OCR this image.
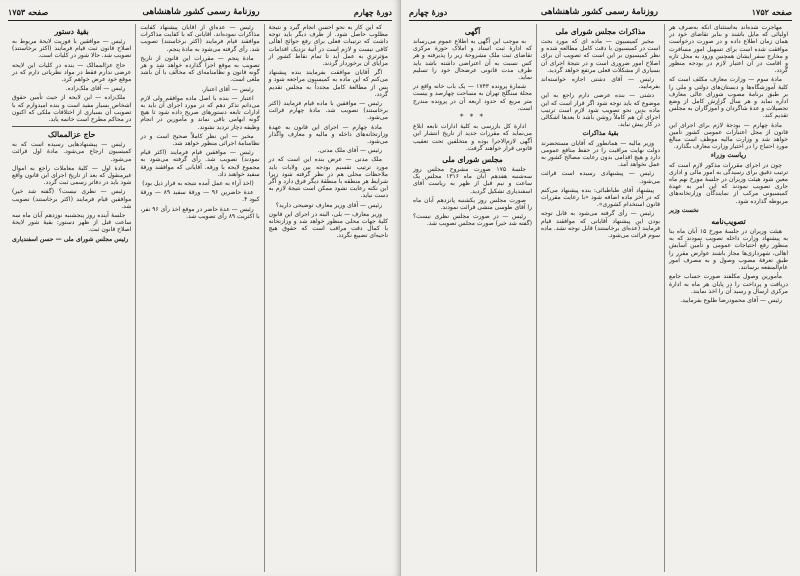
صفحه ۱۷۵۲
روزنامهٔ رسمی کشور شاهنشاهی
دورهٔ چهارم
مهاجرت شده‌اند به‌استثنای آنکه به‌صرف هر اولیائی که مایل باشند و بنابر تقاضای خود در همان زمان اطلاع داده و در صورت درخواست موافقت شده است برای تسهیل امور مسافرت و مخارج سفر ایشان همچنین ورود به محل تازه و اقامت در آن اعتبار لازم در بودجه منظور گردد.
مادهٔ سوم — وزارت معارف مکلف است که کلیهٔ آموزشگاه‌ها و دبستان‌های دولتی و ملی را بر طبق برنامهٔ مصوب شورای عالی معارف اداره نماید و هر سال گزارش کامل از وضع تحصیلات و عدهٔ شاگردان و آموزگاران به مجلس تقدیم کند.
مادهٔ چهارم — بودجهٔ لازم برای اجرای این قانون از محل اعتبارات عمومی کشور تأمین خواهد شد و وزارت مالیه موظف است مبالغ مورد احتیاج را در اختیار وزارت معارف بگذارد.
ریاست وزراء
چون در اجرای مقررات مذکور لازم است که ترتیب دقیق برای رسیدگی به امور مالی و اداری معین شود هیئت وزیران در جلسهٔ مورخ نهم ماه جاری تصویب نمودند که این امر به عهدهٔ کمیسیونی مرکب از نمایندگان وزارتخانه‌های مربوطه گذارده شود.
نخست وزیر
تصویب‌نامه
هیئت وزیران در جلسهٔ مورخ ۱۵ آبان ماه بنا به پیشنهاد وزارت داخله تصویب نمودند که به منظور رفع احتیاجات عمومی و تأمین آسایش اهالی، شهرداری‌ها مجاز باشند عوارض مقرر را طبق تعرفهٔ مصوب وصول و به مصرف امور عام‌المنفعه برسانند.
مأمورین وصول مکلفند صورت حساب جامع دریافت و پرداخت را در پایان هر ماه به ادارهٔ مرکزی ارسال و رسید آن را اخذ نمایند.
رئیس — آقای محمودرضا طلوع بفرمایید.
مذاکرات مجلس شورای ملی
مخبر کمیسیون — ماده ای که مورد بحث است در کمیسیون با دقت کامل مطالعه شده و نظر کمیسیون بر این است که تصویب آن برای اصلاح امور ضروری است و در نتیجهٔ اجرای آن بسیاری از مشکلات فعلی مرتفع خواهد گردید.
رئیس — آقای دشتی اجازه خواسته‌اند بفرمایید.
دشتی — بنده عرضی دارم راجع به این موضوع که باید توجه شود اگر قرار است که این ماده بدین نحو تصویب شود لازم است ترتیب اجرای آن هم کاملاً روشن باشد تا بعدها اشکالی در کار پیش نیاید.
بقیهٔ مذاکرات
وزیر مالیه — همانطور که آقایان مستحضرند دولت نهایت مراقبت را در حفظ منافع عمومی دارد و هیچ اقدامی بدون رعایت مصالح کشور به عمل نخواهد آمد.
رئیس — پیشنهادی رسیده است قرائت می‌شود.
پیشنهاد آقای طباطبائی: بنده پیشنهاد می‌کنم که در آخر ماده اضافه شود «با رعایت مقررات قانون استخدام کشوری».
رئیس — رأی گرفته می‌شود به قابل توجه بودن این پیشنهاد آقایانی که موافقند قیام فرمایند (عده‌ای برخاستند) قابل توجه نشد. ماده سوم قرائت می‌شود.
آگهی
به موجب این آگهی به اطلاع عموم می‌رساند که ادارهٔ ثبت اسناد و املاک حوزهٔ مرکزی تقاضای ثبت ملک مشروحهٔ زیر را پذیرفته و هر کس نسبت به آن اعتراضی داشته باشد باید ظرف مدت قانونی عرضحال خود را تسلیم نماید.
شمارهٔ پرونده ۱۷۴۳ — یک باب خانه واقع در محلهٔ سنگلج تهران به مساحت چهارصد و بیست متر مربع که حدود اربعه آن در پرونده مندرج است.
* * *
ادارهٔ کل بازرسی به کلیهٔ ادارات تابعه ابلاغ می‌نماید که مقررات جدید از تاریخ انتشار این آگهی لازم‌الاجرا بوده و متخلفین تحت تعقیب قانونی قرار خواهند گرفت.
مجلس شورای ملی
جلسهٔ ۱۷۵ صورت مشروح مجلس روز سه‌شنبه هفدهم آبان ماه ۱۳۱۶ مجلس یک ساعت و نیم قبل از ظهر به ریاست آقای اسفندیاری تشکیل گردید.
صورت مجلس روز یکشنبه پانزدهم آبان ماه را آقای طوسی منشی قرائت نمودند.
رئیس — در صورت مجلس نظری نیست؟ (گفته شد خیر) صورت مجلس تصویب شد.
دورهٔ چهارم
روزنامهٔ رسمی کشور شاهنشاهی
صفحه ۱۷۵۳
که این کار به نحو احسن انجام گیرد و نتیجهٔ مطلوب حاصل شود. از طرف دیگر باید توجه داشت که ترتیبات فعلی برای رفع حوائج اهالی کافی نیست و لازم است در آتیهٔ نزدیک اقدامات مؤثرتری به عمل آید تا تمام نقاط کشور از مزایای آن برخوردار گردند.
اگر آقایان موافقت بفرمایند بنده پیشنهاد می‌کنم که این ماده به کمیسیون مراجعه شود و پس از مطالعهٔ کامل مجدداً به مجلس تقدیم گردد.
رئیس — موافقین با ماده قیام فرمایند (اکثر برخاستند) تصویب شد. مادهٔ چهارم قرائت می‌شود.
مادهٔ چهارم — اجرای این قانون به عهدهٔ وزارتخانه‌های داخله و مالیه و معارف واگذار می‌شود.
رئیس — آقای ملک مدنی.
ملک مدنی — عرض بنده این است که در مورد ترتیب تقسیم بودجه بین ولایات باید ملاحظات محلی هم در نظر گرفته شود زیرا شرایط هر منطقه با منطقهٔ دیگر فرق دارد و اگر این نکته رعایت نشود ممکن است نتیجهٔ لازم به دست نیاید.
رئیس — آقای وزیر معارف توضیحی دارید؟
وزیر معارف — بلی، البته در اجرای این قانون کلیهٔ جهات محلی منظور خواهد شد و وزارتخانه با کمال دقت مراقب است که حقوق هیچ ناحیه‌ای تضییع نگردد.
رئیس — عده‌ای از آقایان پیشنهاد کفایت مذاکرات نموده‌اند. آقایانی که با کفایت مذاکرات موافقند قیام فرمایند (اکثر برخاستند) تصویب شد. رأی گرفته می‌شود به مادهٔ پنجم.
مادهٔ پنجم — مقررات این قانون از تاریخ تصویب به موقع اجرا گذارده خواهد شد و هر گونه قانون و نظامنامه‌ای که مخالف با آن باشد ملغی است.
رئیس — آقای اعتبار.
اعتبار — بنده با اصل ماده موافقم ولی لازم می‌دانم تذکر دهم که در مورد اجرای آن باید به ادارات تابعه دستورهای صریح داده شود تا هیچ گونه ابهامی باقی نماند و مأمورین در انجام وظیفه دچار تردید نشوند.
مخبر — این نظر کاملاً صحیح است و در نظامنامهٔ اجرائی منظور خواهد شد.
رئیس — موافقین قیام فرمایند (اکثر قیام نمودند) تصویب شد. رأی گرفته می‌شود به مجموع لایحه با ورقه. آقایانی که موافقند ورقهٔ سفید خواهند داد.
(اخذ آراء به عمل آمده نتیجه به قرار ذیل بود)
عدهٔ حاضرین ۹۶ — ورقهٔ سفید ۸۹ — ورقهٔ کبود ۴.
رئیس — عدهٔ حاضر در موقع اخذ رأی ۹۶ نفر، با اکثریت ۸۹ رأی تصویب شد.
بقیهٔ دستور
رئیس — موافقین با فوریت لایحهٔ مربوط به اصلاح قانون ثبت قیام فرمایند (اکثر برخاستند) تصویب شد. حالا شور در کلیات است.
حاج عزالممالک — بنده در کلیات این لایحه عرضی ندارم فقط در مواد نظریاتی دارم که در موقع خود عرض خواهم کرد.
رئیس — آقای ملک‌زاده.
ملک‌زاده — این لایحه از حیث تأمین حقوق اشخاص بسیار مفید است و بنده امیدوارم که با تصویب آن بسیاری از اختلافات ملکی که اکنون در محاکم مطرح است خاتمه یابد.
حاج عزالممالک
رئیس — پیشنهادهایی رسیده است که به کمیسیون ارجاع می‌شود. مادهٔ اول قرائت می‌شود.
مادهٔ اول — کلیهٔ معاملات راجع به اموال غیرمنقول که بعد از تاریخ اجرای این قانون واقع شود باید در دفاتر رسمی ثبت گردد.
رئیس — نظری نیست؟ (گفته شد خیر) موافقین قیام فرمایند (اکثر برخاستند) تصویب شد.
جلسهٔ آینده روز پنجشنبه نوزدهم آبان ماه سه ساعت قبل از ظهر دستور: بقیهٔ شور لایحهٔ اصلاح قانون ثبت.
رئیس مجلس شورای ملی — حسن اسفندیاری
